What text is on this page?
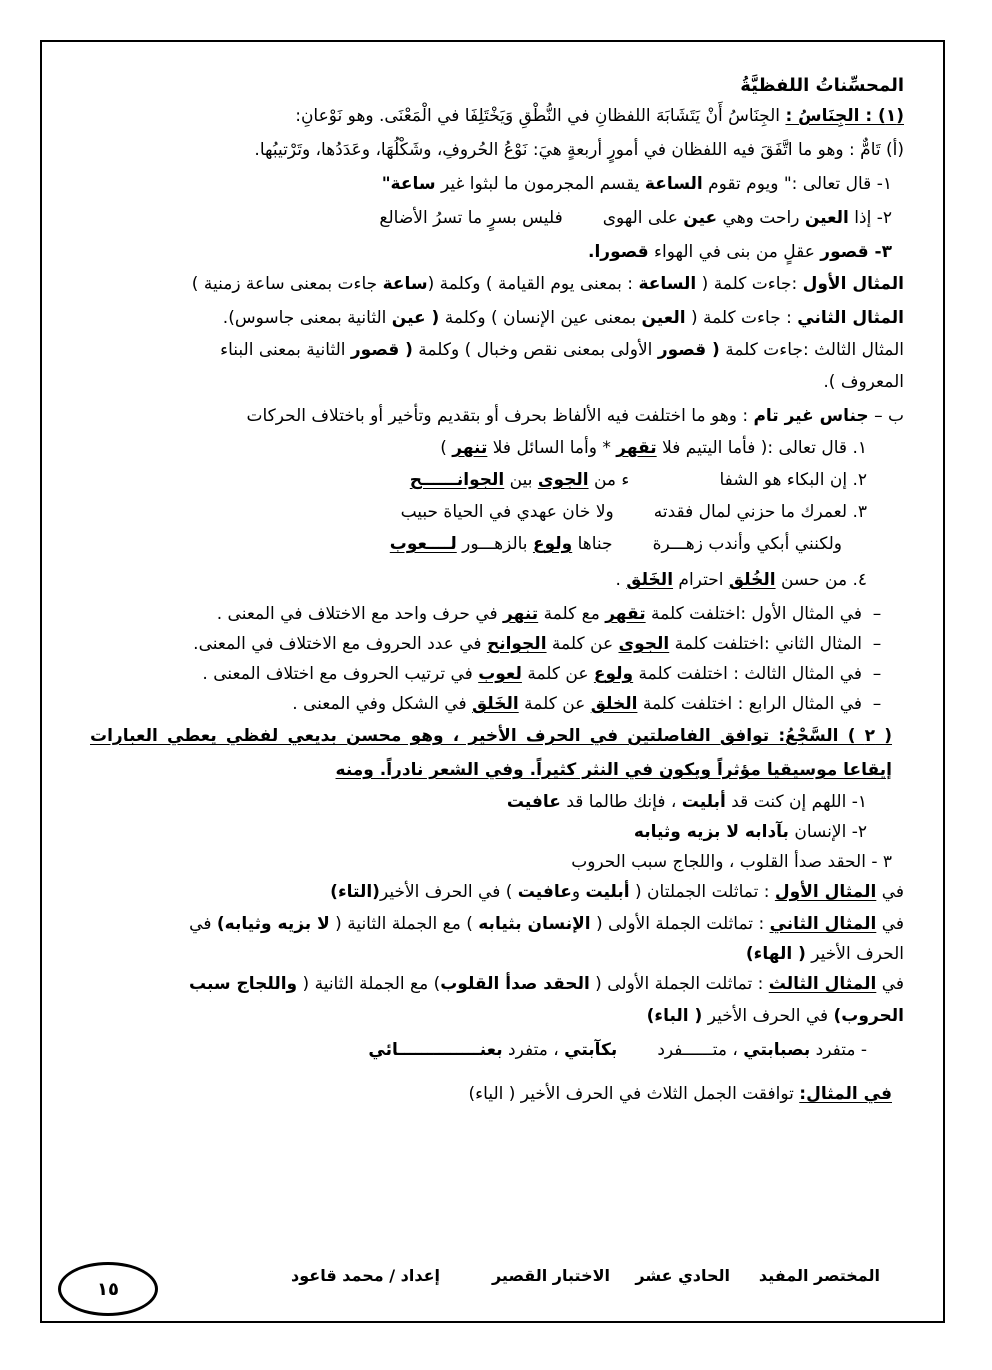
المحسِّناتُ اللفظيَّةُ
(١) : الجِنَاسُ : الجِنَاسُ أَنْ يَتَشَابَهَ اللفظانِ في النُّطْقِ وَيَخْتَلِفَا في الْمَعْنَى. وهو نَوْعانِ:
(أ) تَامٌّ : وهو ما اتَّفَقَ فيه اللفظان في أمورٍ أربعةٍ هيَ: نَوْعُ الحُروفِ، وشَكْلُهَا، وعَدَدُها، وتَرْتيبُها.
١- قال تعالى :" ويوم تقوم الساعة يقسم المجرمون ما لبثوا غير ساعة"
٢- إذا العين راحت وهي عين على الهوىفليس بسرٍ ما تسرُ الأضالع
٣- قصور عقلٍ من بنى في الهواء قصورا.
المثال الأول :جاءت كلمة ( الساعة : بمعنى يوم القيامة ) وكلمة (ساعة جاءت بمعنى ساعة زمنية )
المثال الثاني : جاءت كلمة ( العين بمعنى عين الإنسان ) وكلمة ( عين الثانية بمعنى جاسوس).
المثال الثالث :جاءت كلمة ( قصور الأولى بمعنى نقص وخبال ) وكلمة ( قصور الثانية بمعنى البناء
المعروف ).
ب – جناس غير تام : وهو ما اختلفت فيه الألفاظ بحرف أو بتقديم وتأخير أو باختلاف الحركات
١. قال تعالى :( فأما اليتيم فلا تقهر * وأما السائل فلا تنهر )
٢. إن البكاء هو الشفاء من الجوى بين الجوانــــــح
٣. لعمرك ما حزني لمال فقدتهولا خان عهدي في الحياة حبيب
ولكنني أبكي وأندب زهـــرةجناها ولوع بالزهـــور لــــعوب
٤. من حسن الخُلق احترام الخَلق .
– في المثال الأول :اختلفت كلمة تقهر مع كلمة تنهر في حرف واحد مع الاختلاف في المعنى .
– المثال الثاني :اختلفت كلمة الجوى عن كلمة الجوانح في عدد الحروف مع الاختلاف في المعنى.
– في المثال الثالث : اختلفت كلمة ولوع عن كلمة لعوب في ترتيب الحروف مع اختلاف المعنى .
– في المثال الرابع : اختلفت كلمة الخلق عن كلمة الخَلق في الشكل وفي المعنى .
( ٢ ) السَّجْعُ: توافق الفاصلتين في الحرف الأخير ، وهو محسن بديعي لفظي يعطي العبارات
إيقاعا موسيقيا مؤثراً ويكون في النثر كثيراً. وفي الشعر نادراً. ومنه
١- اللهم إن كنت قد أبليت ، فإنك طالما قد عافيت
٢- الإنسان بآدابه لا بزيه وثيابه
٣ - الحقد صدأ القلوب ، واللجاج سبب الحروب
في المثال الأول : تماثلت الجملتان ( أبليت وعافيت ) في الحرف الأخير(التاء)
في المثال الثاني : تماثلت الجملة الأولى ( الإنسان بثيابه ) مع الجملة الثانية ( لا بزيه وثيابه) في
الحرف الأخير ( الهاء)
في المثال الثالث : تماثلت الجملة الأولى ( الحقد صدأ القلوب) مع الجملة الثانية ( واللجاج سبب
الحروب) في الحرف الأخير ( الباء)
- متفرد بصبابتي ، متــــــفردبكآبتي ، متفرد بعنــــــــــــــائي
في المثال: توافقت الجمل الثلاث في الحرف الأخير ( الياء)
المختصر المفيد
الحادي عشر
الاختبار القصير
إعداد / محمد قاعود
١٥
